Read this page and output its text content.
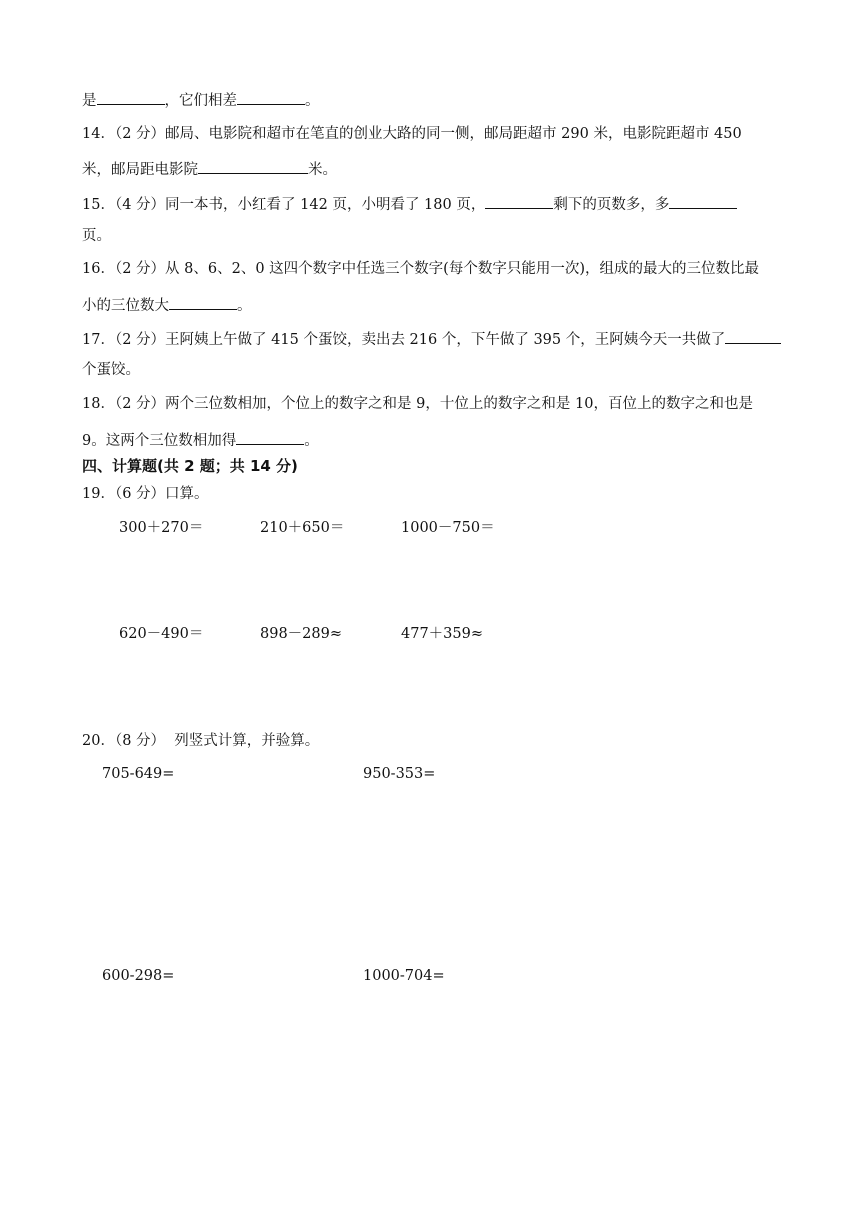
是	，它们相差	。
14．（2 分）邮局、电影院和超市在笔直的创业大路的同一侧，邮局距超市 290 米，电影院距超市 450
米，邮局距电影院	米。
15．（4 分）同一本书，小红看了 142 页，小明看了 180 页，	剩下的页数多，多
页。
16．（2 分）从 8、6、2、0 这四个数字中任选三个数字(每个数字只能用一次)，组成的最大的三位数比最
小的三位数大	。
17．（2 分）王阿姨上午做了 415 个蛋饺，卖出去 216 个，下午做了 395 个，王阿姨今天一共做了
个蛋饺。
18．（2 分）两个三位数相加，个位上的数字之和是 9，十位上的数字之和是 10，百位上的数字之和也是
9。这两个三位数相加得	。
四、计算题(共 2 题；共 14 分)
19．（6 分）口算。
300＋270＝	210＋650＝	1000－750＝
620－490＝	898－289≈	477＋359≈
20．（8 分）  列竖式计算，并验算。
705-649=	950-353=
600-298=	1000-704=
